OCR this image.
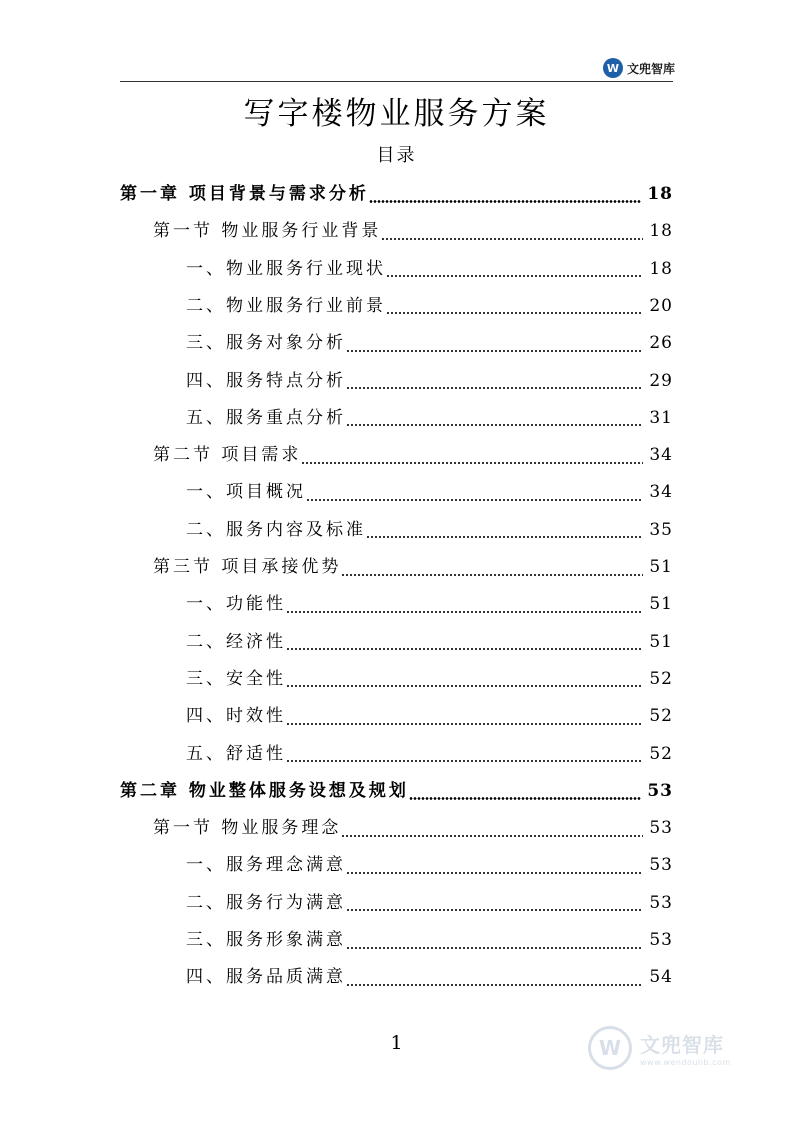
W 文兜智库
写字楼物业服务方案
目录
第一章 项目背景与需求分析	18
第一节 物业服务行业背景	18
一、物业服务行业现状	18
二、物业服务行业前景	20
三、服务对象分析	26
四、服务特点分析	29
五、服务重点分析	31
第二节 项目需求	34
一、项目概况	34
二、服务内容及标准	35
第三节 项目承接优势	51
一、功能性	51
二、经济性	51
三、安全性	52
四、时效性	52
五、舒适性	52
第二章 物业整体服务设想及规划	53
第一节 物业服务理念	53
一、服务理念满意	53
二、服务行为满意	53
三、服务形象满意	53
四、服务品质满意	54
1	W 文兜智库
www.wendoulib.com
